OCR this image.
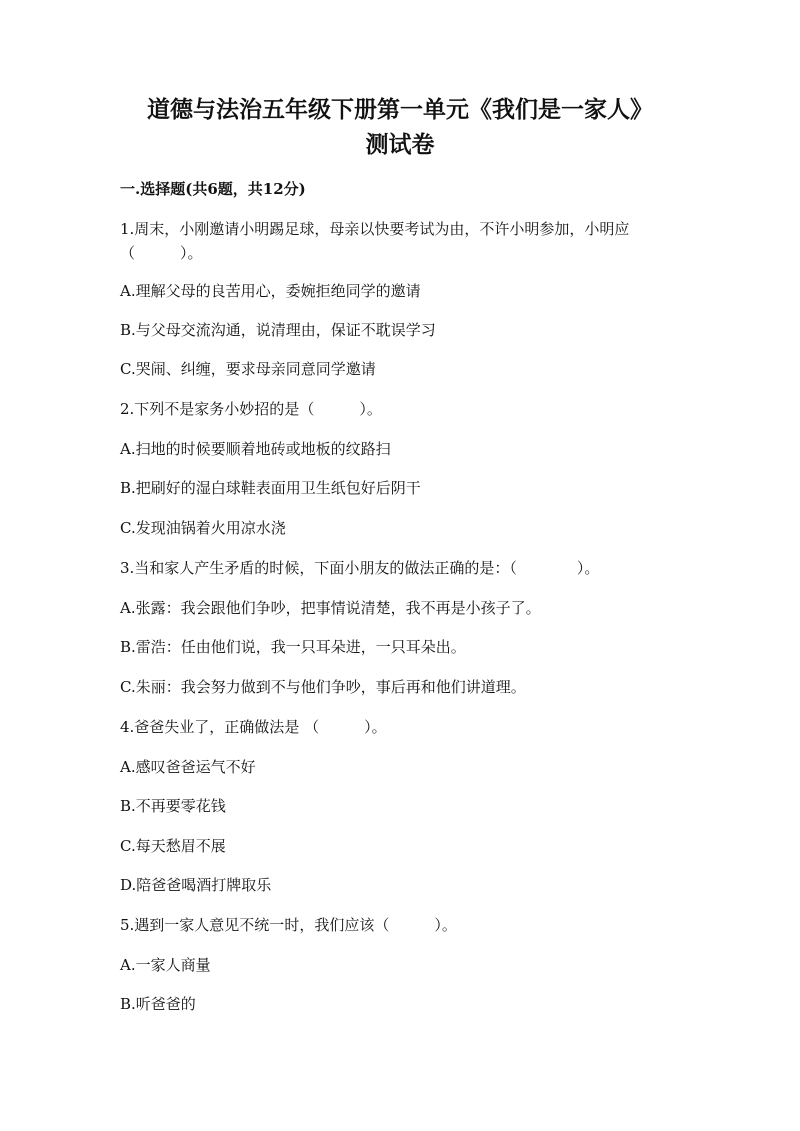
道德与法治五年级下册第一单元《我们是一家人》
测试卷
一.选择题(共6题，共12分)
1.周末，小刚邀请小明踢足球，母亲以快要考试为由，不许小明参加，小明应
（　　　）。
A.理解父母的良苦用心，委婉拒绝同学的邀请
B.与父母交流沟通，说清理由，保证不耽误学习
C.哭闹、纠缠，要求母亲同意同学邀请
2.下列不是家务小妙招的是（　　　）。
A.扫地的时候要顺着地砖或地板的纹路扫
B.把刷好的湿白球鞋表面用卫生纸包好后阴干
C.发现油锅着火用凉水浇
3.当和家人产生矛盾的时候，下面小朋友的做法正确的是：（　　　　）。
A.张露：我会跟他们争吵，把事情说清楚，我不再是小孩子了。
B.雷浩：任由他们说，我一只耳朵进，一只耳朵出。
C.朱丽：我会努力做到不与他们争吵，事后再和他们讲道理。
4.爸爸失业了，正确做法是 （　　　）。
A.感叹爸爸运气不好
B.不再要零花钱
C.每天愁眉不展
D.陪爸爸喝酒打牌取乐
5.遇到一家人意见不统一时，我们应该（　　　）。
A.一家人商量
B.听爸爸的
